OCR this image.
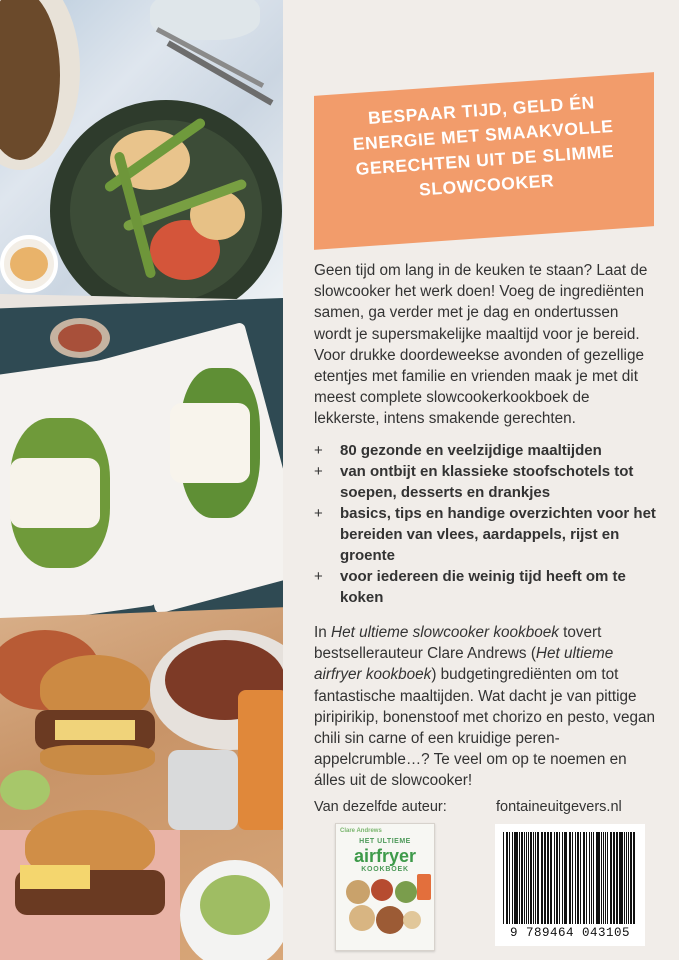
BESPAAR TIJD, GELD ÉN ENERGIE MET SMAAKVOLLE GERECHTEN UIT DE SLIMME SLOWCOOKER

Geen tijd om lang in de keuken te staan? Laat de slowcooker het werk doen! Voeg de ingrediënten samen, ga verder met je dag en ondertussen wordt je supersmakelijke maaltijd voor je bereid. Voor drukke doordeweekse avonden of gezellige etentjes met familie en vrienden maak je met dit meest complete slowcookerkookboek de lekkerste, intens smakende gerechten.

+ 80 gezonde en veelzijdige maaltijden
+ van ontbijt en klassieke stoofschotels tot soepen, desserts en drankjes
+ basics, tips en handige overzichten voor het bereiden van vlees, aardappels, rijst en groente
+ voor iedereen die weinig tijd heeft om te koken

In Het ultieme slowcooker kookboek tovert bestsellerauteur Clare Andrews (Het ultieme airfryer kookboek) budgetingrediënten om tot fantastische maaltijden. Wat dacht je van pittige piripirikip, bonenstoof met chorizo en pesto, vegan chili sin carne of een kruidige peren-appelcrumble…? Te veel om op te noemen en álles uit de slowcooker!

Van dezelfde auteur:	fontaineuitgevers.nl
Clare Andrews
HET ULTIEME
airfryer
KOOKBOEK
9 789464 043105
